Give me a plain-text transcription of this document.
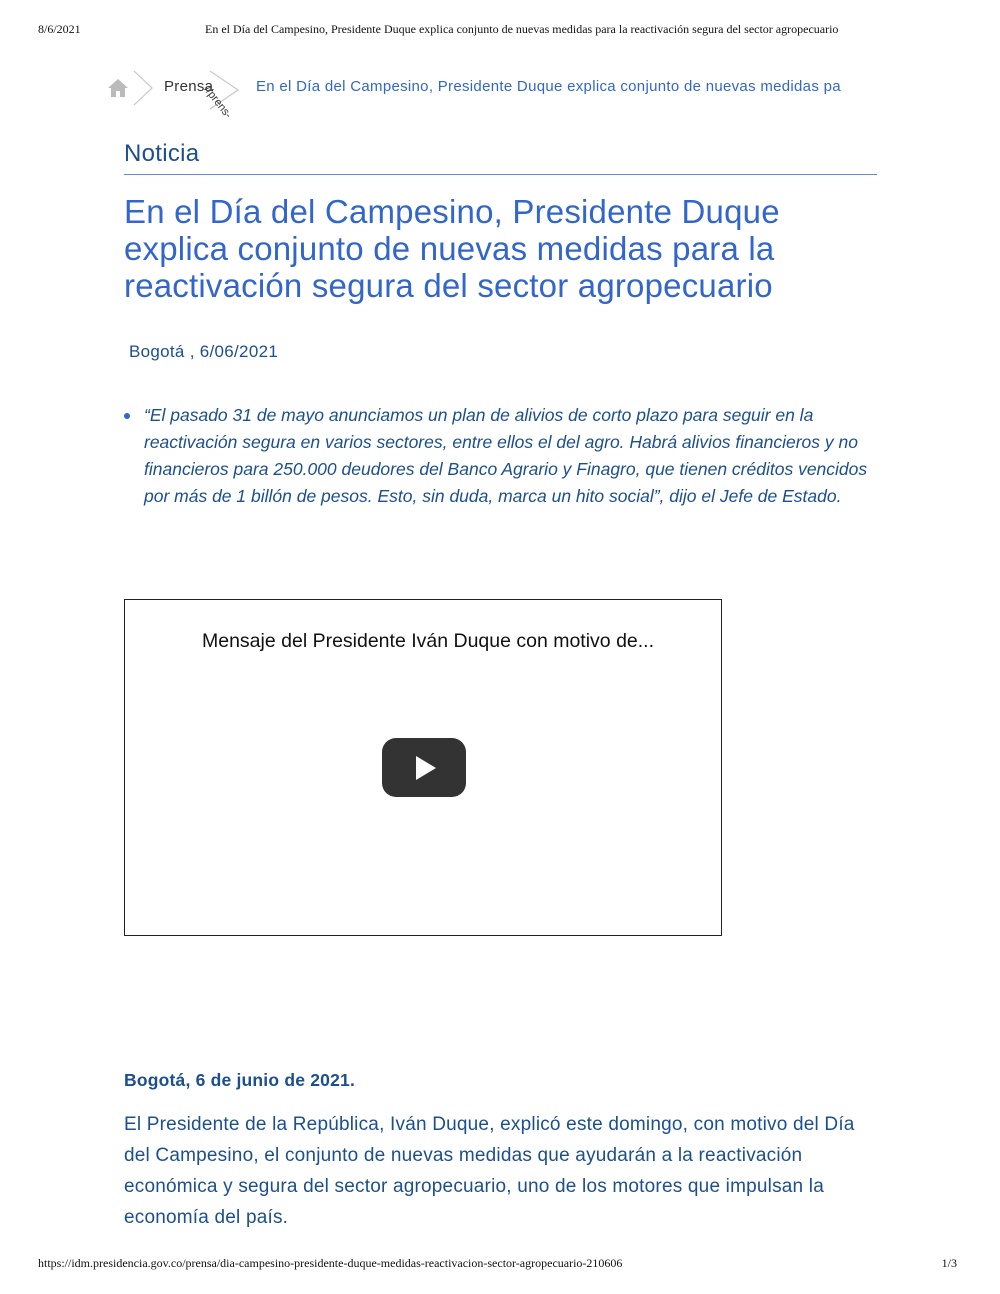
8/6/2021	En el Día del Campesino, Presidente Duque explica conjunto de nuevas medidas para la reactivación segura del sector agropecuario
Prensa
//prens- En el Día del Campesino, Presidente Duque explica conjunto de nuevas medidas pa
Noticia
En el Día del Campesino, Presidente Duque explica conjunto de nuevas medidas para la reactivación segura del sector agropecuario
Bogotá , 6/06/2021
“El pasado 31 de mayo anunciamos un plan de alivios de corto plazo para seguir en la reactivación segura en varios sectores, entre ellos el del agro. Habrá alivios financieros y no financieros para 250.000 deudores del Banco Agrario y Finagro, que tienen créditos vencidos por más de 1 billón de pesos. Esto, sin duda, marca un hito social”, dijo el Jefe de Estado.
Mensaje del Presidente Iván Duque con motivo de...
Bogotá, 6 de junio de 2021.

El Presidente de la República, Iván Duque, explicó este domingo, con motivo del Día del Campesino, el conjunto de nuevas medidas que ayudarán a la reactivación económica y segura del sector agropecuario, uno de los motores que impulsan la economía del país.

https://idm.presidencia.gov.co/prensa/dia-campesino-presidente-duque-medidas-reactivacion-sector-agropecuario-210606	1/3
